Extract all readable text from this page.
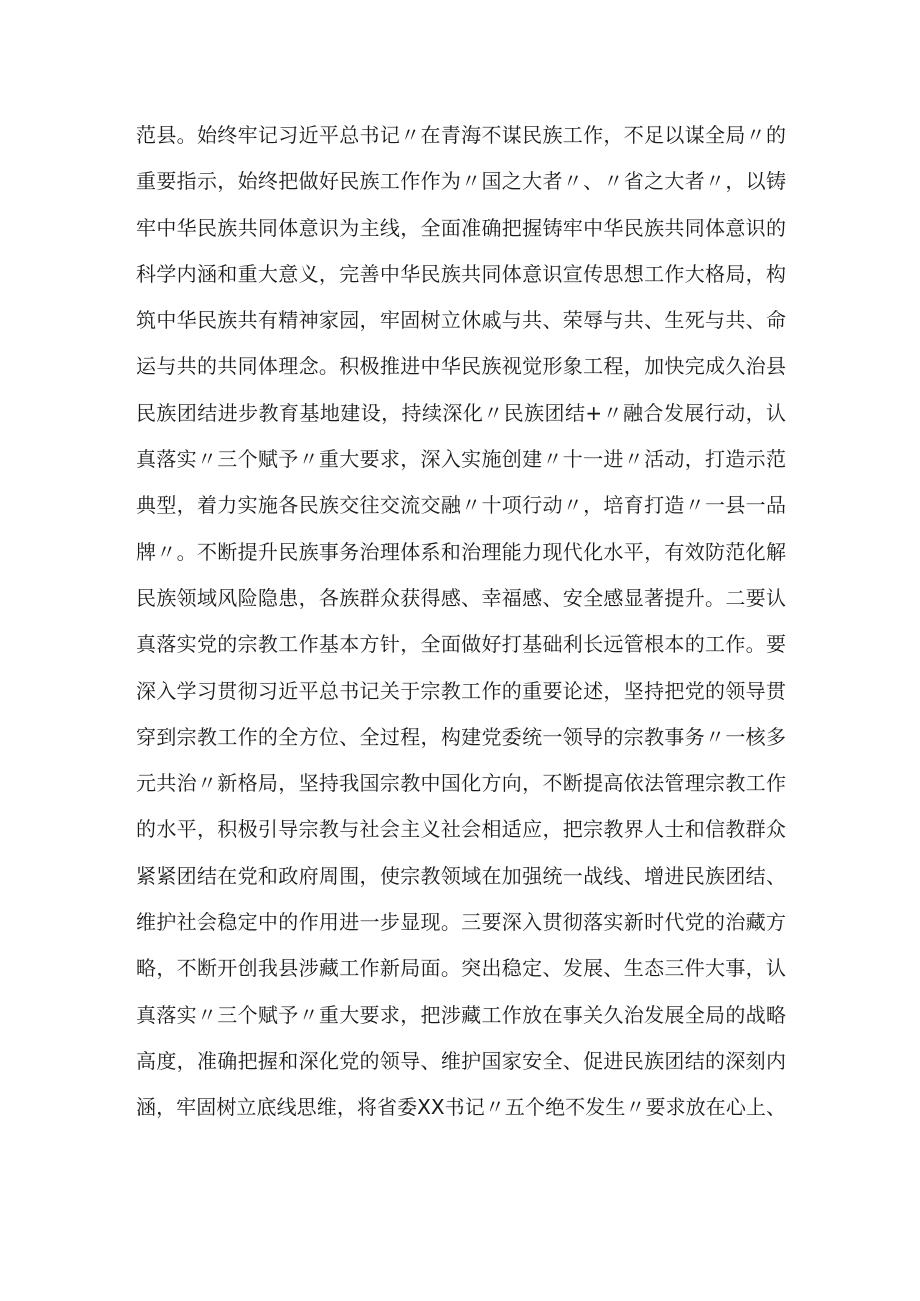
范县。始终牢记习近平总书记〃在青海不谋民族工作，不足以谋全局〃的
重要指示，始终把做好民族工作作为〃国之大者〃、〃省之大者〃，以铸
牢中华民族共同体意识为主线，全面准确把握铸牢中华民族共同体意识的
科学内涵和重大意义，完善中华民族共同体意识宣传思想工作大格局，构
筑中华民族共有精神家园，牢固树立休戚与共、荣辱与共、生死与共、命
运与共的共同体理念。积极推进中华民族视觉形象工程，加快完成久治县
民族团结进步教育基地建设，持续深化〃民族团结+〃融合发展行动，认
真落实〃三个赋予〃重大要求，深入实施创建〃十一进〃活动，打造示范
典型，着力实施各民族交往交流交融〃十项行动〃，培育打造〃一县一品
牌〃。不断提升民族事务治理体系和治理能力现代化水平，有效防范化解
民族领域风险隐患，各族群众获得感、幸福感、安全感显著提升。二要认
真落实党的宗教工作基本方针，全面做好打基础利长远管根本的工作。要
深入学习贯彻习近平总书记关于宗教工作的重要论述，坚持把党的领导贯
穿到宗教工作的全方位、全过程，构建党委统一领导的宗教事务〃一核多
元共治〃新格局，坚持我国宗教中国化方向，不断提高依法管理宗教工作
的水平，积极引导宗教与社会主义社会相适应，把宗教界人士和信教群众
紧紧团结在党和政府周围，使宗教领域在加强统一战线、增进民族团结、
维护社会稳定中的作用进一步显现。三要深入贯彻落实新时代党的治藏方
略，不断开创我县涉藏工作新局面。突出稳定、发展、生态三件大事，认
真落实〃三个赋予〃重大要求，把涉藏工作放在事关久治发展全局的战略
高度，准确把握和深化党的领导、维护国家安全、促进民族团结的深刻内
涵，牢固树立底线思维，将省委XX书记〃五个绝不发生〃要求放在心上、
